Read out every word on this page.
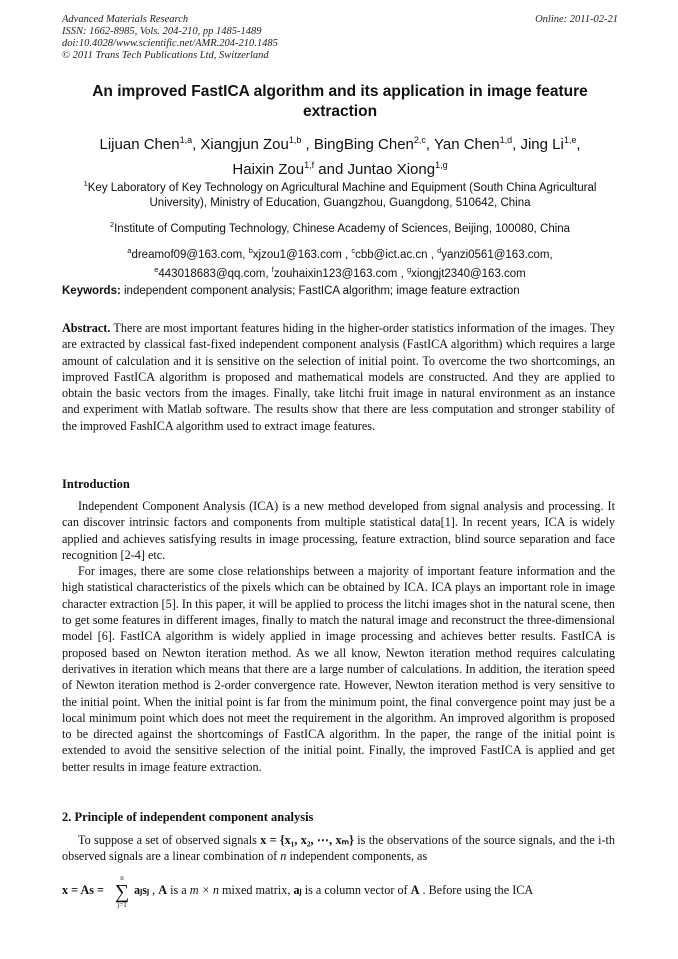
Advanced Materials Research
ISSN: 1662-8985, Vols. 204-210, pp 1485-1489
doi:10.4028/www.scientific.net/AMR.204-210.1485
© 2011 Trans Tech Publications Ltd, Switzerland
Online: 2011-02-21
An improved FastICA algorithm and its application in image feature extraction
Lijuan Chen$^{1,a}$, Xiangjun Zou$^{1,b}$ , BingBing Chen$^{2,c}$, Yan Chen$^{1,d}$, Jing Li$^{1,e}$,
Haixin Zou$^{1,f}$ and Juntao Xiong$^{1,g}$

$^1$Key Laboratory of Key Technology on Agricultural Machine and Equipment (South China Agricultural University), Ministry of Education, Guangzhou, Guangdong, 510642, China

$^2$Institute of Computing Technology, Chinese Academy of Sciences, Beijing, 100080, China

$^a$dreamof09@163.com, $^b$xjzou1@163.com , $^c$cbb@ict.ac.cn , $^d$yanzi0561@163.com,
$^e$443018683@qq.com, $^f$zouhaixin123@163.com , $^g$xiongjt2340@163.com

Keywords: independent component analysis; FastICA algorithm; image feature extraction
Abstract. There are most important features hiding in the higher-order statistics information of the images. They are extracted by classical fast-fixed independent component analysis (FastICA algorithm) which requires a large amount of calculation and it is sensitive on the selection of initial point. To overcome the two shortcomings, an improved FastICA algorithm is proposed and mathematical models are constructed. And they are applied to obtain the basic vectors from the images. Finally, take litchi fruit image in natural environment as an instance and experiment with Matlab software. The results show that there are less computation and stronger stability of the improved FashICA algorithm used to extract image features.
Introduction

Independent Component Analysis (ICA) is a new method developed from signal analysis and processing. It can discover intrinsic factors and components from multiple statistical data[1]. In recent years, ICA is widely applied and achieves satisfying results in image processing, feature extraction, blind source separation and face recognition [2-4] etc.

For images, there are some close relationships between a majority of important feature information and the high statistical characteristics of the pixels which can be obtained by ICA. ICA plays an important role in image character extraction [5]. In this paper, it will be applied to process the litchi images shot in the natural scene, then to get some features in different images, finally to match the natural image and reconstruct the three-dimensional model [6]. FastICA algorithm is widely applied in image processing and achieves better results. FastICA is proposed based on Newton iteration method. As we all know, Newton iteration method requires calculating derivatives in iteration which means that there are a large number of calculations. In addition, the iteration speed of Newton iteration method is 2-order convergence rate. However, Newton iteration method is very sensitive to the initial point. When the initial point is far from the minimum point, the final convergence point may just be a local minimum point which does not meet the requirement in the algorithm. An improved algorithm is proposed to be directed against the shortcomings of FastICA algorithm. In the paper, the range of the initial point is extended to avoid the sensitive selection of the initial point. Finally, the improved FastICA is applied and get better results in image feature extraction.

2. Principle of independent component analysis

To suppose a set of observed signals x = {x₁, x₂, ⋯, xₘ} is the observations of the source signals, and the i-th observed signals are a linear combination of n independent components, as

x = As =
n
∑
j=1
aⱼsⱼ , A is a m × n mixed matrix, aⱼ is a column vector of A . Before using the ICA
